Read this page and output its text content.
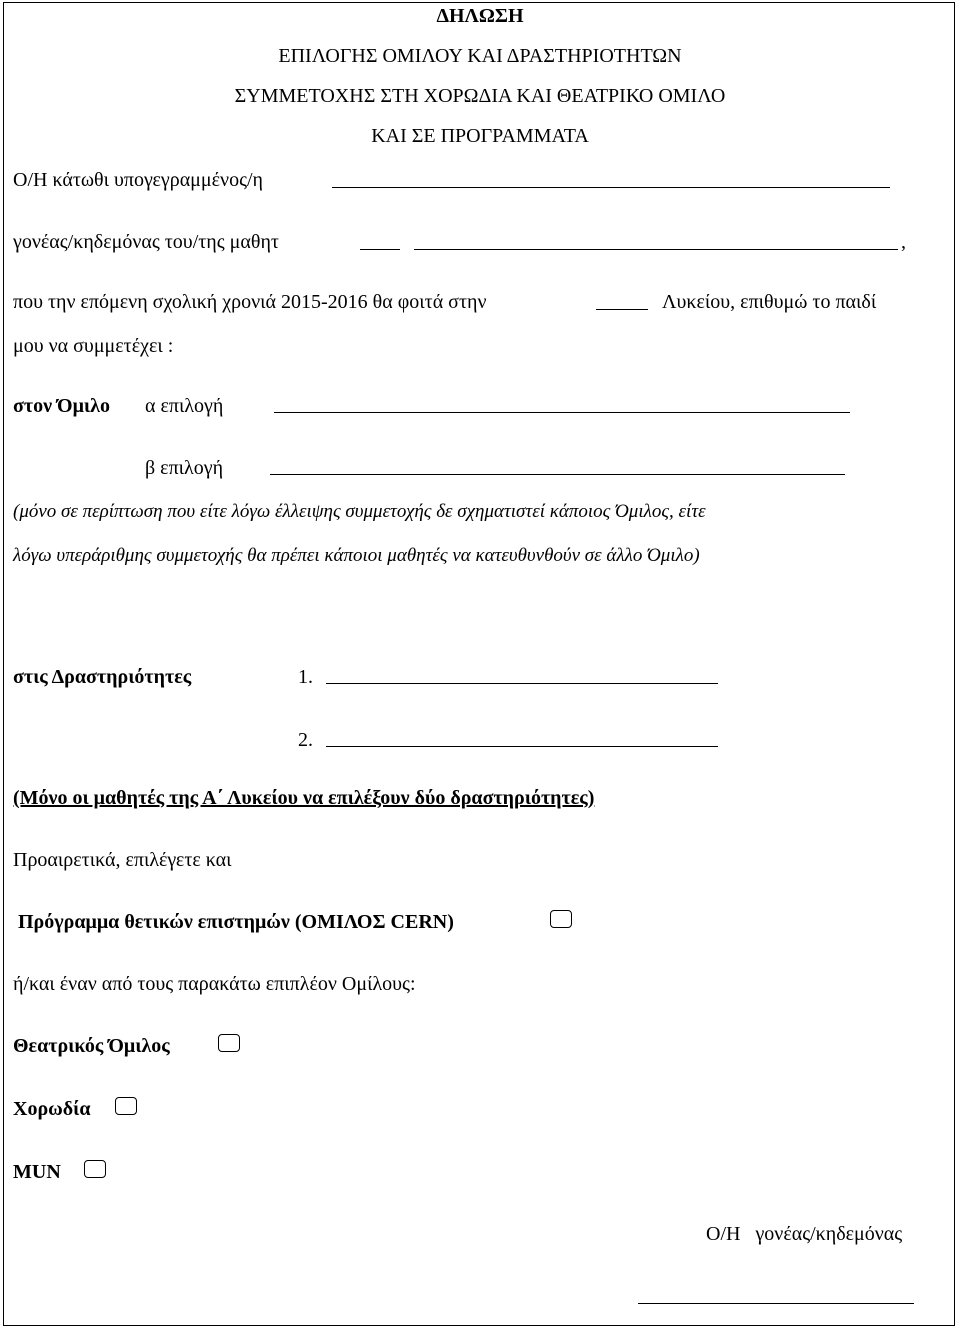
ΔΗΛΩΣΗ
ΕΠΙΛΟΓΗΣ ΟΜΙΛΟΥ ΚΑΙ ΔΡΑΣΤΗΡΙΟΤΗΤΩΝ
ΣΥΜΜΕΤΟΧΗΣ ΣΤΗ ΧΟΡΩΔΙΑ ΚΑΙ ΘΕΑΤΡΙΚΟ ΟΜΙΛΟ
ΚΑΙ ΣΕ ΠΡΟΓΡΑΜΜΑΤΑ
Ο/Η κάτωθι υπογεγραμμένος/η
γονέας/κηδεμόνας του/της μαθητ	,
που την επόμενη σχολική χρονιά 2015-2016 θα φοιτά στην	Λυκείου, επιθυμώ το παιδί
μου να συμμετέχει :
στον Όμιλο α επιλογή
β επιλογή
(μόνο σε περίπτωση που είτε λόγω έλλειψης συμμετοχής δε σχηματιστεί κάποιος Όμιλος, είτε
λόγω υπεράριθμης συμμετοχής θα πρέπει κάποιοι μαθητές να κατευθυνθούν σε άλλο Όμιλο)
στις Δραστηριότητες	1.
2.
(Μόνο οι μαθητές της Α΄ Λυκείου να επιλέξουν δύο δραστηριότητες)
Προαιρετικά, επιλέγετε και
Πρόγραμμα θετικών επιστημών (ΟΜΙΛΟΣ CERN)
ή/και έναν από τους παρακάτω επιπλέον Ομίλους:
Θεατρικός Όμιλος
Χορωδία
MUN
Ο/Η   γονέας/κηδεμόνας
